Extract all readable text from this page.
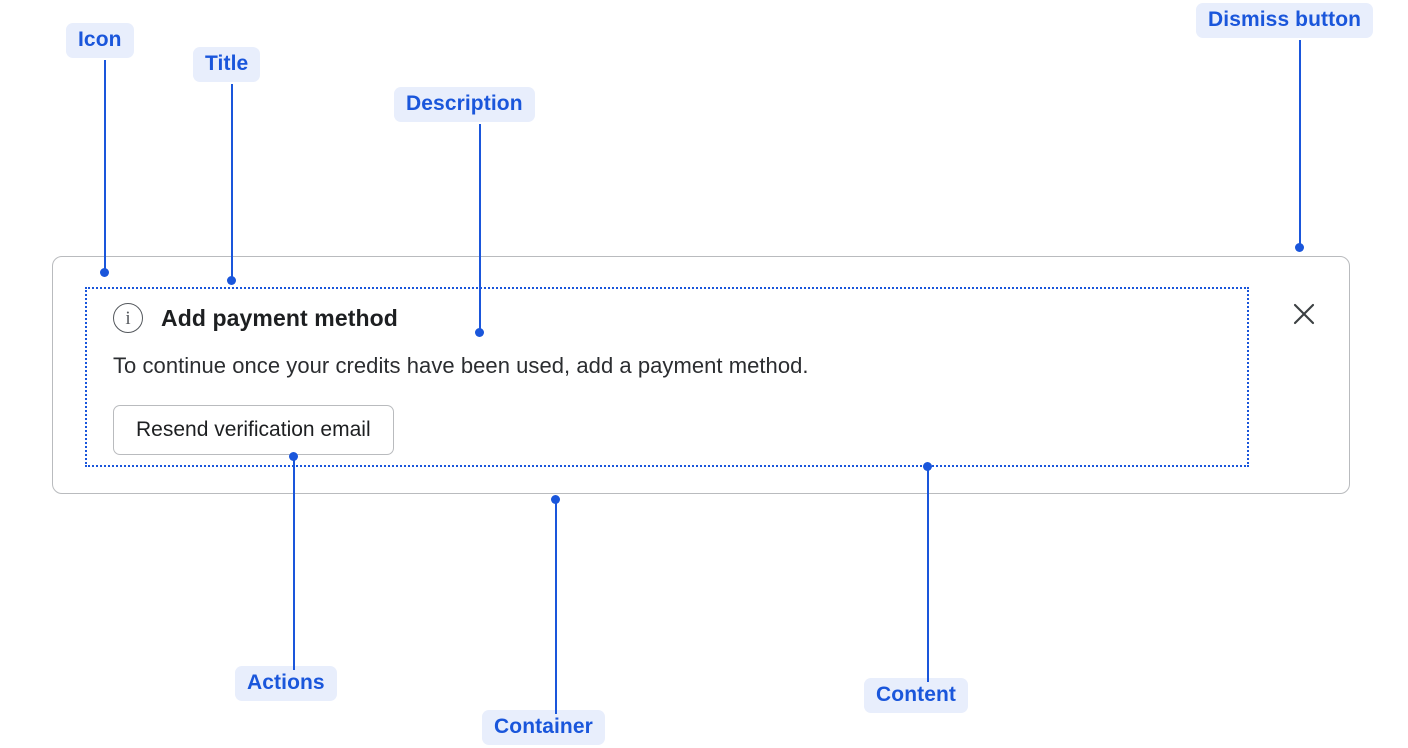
i Add payment method
To continue once your credits have been used, add a payment method.
Resend verification email
Icon
Title
Description
Dismiss button
Actions
Container
Content
